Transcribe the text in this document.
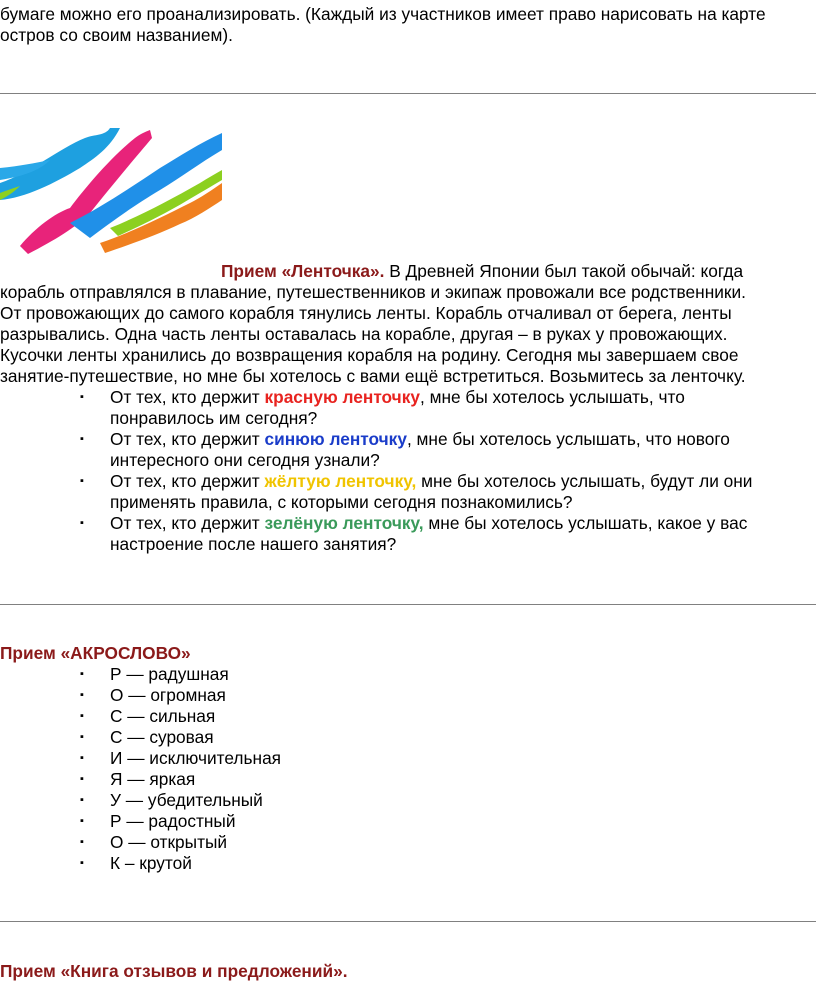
бумаге можно его проанализировать. (Каждый из участников имеет право нарисовать на карте
остров со своим названием).
Прием «Ленточка». В Древней Японии был такой обычай: когда
корабль отправлялся в плавание, путешественников и экипаж провожали все родственники.
От провожающих до самого корабля тянулись ленты. Корабль отчаливал от берега, ленты
разрывались. Одна часть ленты оставалась на корабле, другая – в руках у провожающих.
Кусочки ленты хранились до возвращения корабля на родину. Сегодня мы завершаем свое
занятие-путешествие, но мне бы хотелось с вами ещё встретиться. Возьмитесь за ленточку.
▪ От тех, кто держит красную ленточку, мне бы хотелось услышать, что
понравилось им сегодня?
▪ От тех, кто держит синюю ленточку, мне бы хотелось услышать, что нового
интересного они сегодня узнали?
▪ От тех, кто держит жёлтую ленточку, мне бы хотелось услышать, будут ли они
применять правила, с которыми сегодня познакомились?
▪ От тех, кто держит зелёную ленточку, мне бы хотелось услышать, какое у вас
настроение после нашего занятия?
Прием «АКРОСЛОВО»
▪ Р — радушная
▪ О — огромная
▪ С — сильная
▪ С — суровая
▪ И — исключительная
▪ Я — яркая
▪ У — убедительный
▪ Р — радостный
▪ О — открытый
▪ К – крутой
Прием «Книга отзывов и предложений».
